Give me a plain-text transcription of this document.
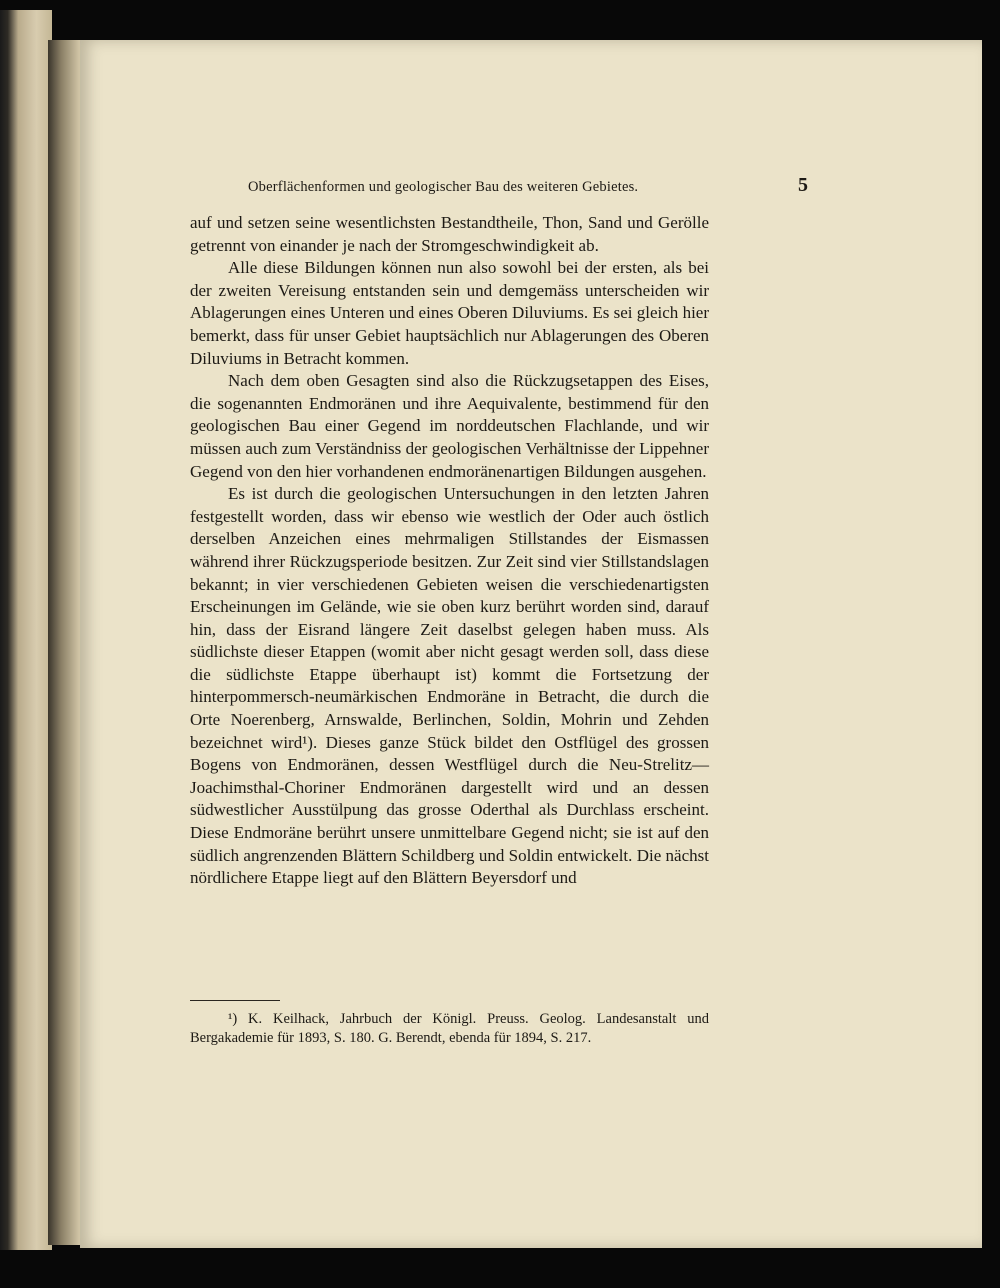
Oberflächenformen und geologischer Bau des weiteren Gebietes.	5

auf und setzen seine wesentlichsten Bestandtheile, Thon, Sand und Gerölle getrennt von einander je nach der Stromgeschwindigkeit ab.

Alle diese Bildungen können nun also sowohl bei der ersten, als bei der zweiten Vereisung entstanden sein und demgemäss unterscheiden wir Ablagerungen eines Unteren und eines Oberen Diluviums. Es sei gleich hier bemerkt, dass für unser Gebiet hauptsächlich nur Ablagerungen des Oberen Diluviums in Betracht kommen.

Nach dem oben Gesagten sind also die Rückzugsetappen des Eises, die sogenannten Endmoränen und ihre Aequivalente, bestimmend für den geologischen Bau einer Gegend im norddeutschen Flachlande, und wir müssen auch zum Verständniss der geologischen Verhältnisse der Lippehner Gegend von den hier vorhandenen endmoränenartigen Bildungen ausgehen.

Es ist durch die geologischen Untersuchungen in den letzten Jahren festgestellt worden, dass wir ebenso wie westlich der Oder auch östlich derselben Anzeichen eines mehrmaligen Stillstandes der Eismassen während ihrer Rückzugsperiode besitzen. Zur Zeit sind vier Stillstandslagen bekannt; in vier verschiedenen Gebieten weisen die verschiedenartigsten Erscheinungen im Gelände, wie sie oben kurz berührt worden sind, darauf hin, dass der Eisrand längere Zeit daselbst gelegen haben muss. Als südlichste dieser Etappen (womit aber nicht gesagt werden soll, dass diese die südlichste Etappe überhaupt ist) kommt die Fortsetzung der hinterpommersch-neumärkischen Endmoräne in Betracht, die durch die Orte Noerenberg, Arnswalde, Berlinchen, Soldin, Mohrin und Zehden bezeichnet wird¹). Dieses ganze Stück bildet den Ostflügel des grossen Bogens von Endmoränen, dessen Westflügel durch die Neu-Strelitz—Joachimsthal-Choriner Endmoränen dargestellt wird und an dessen südwestlicher Ausstülpung das grosse Oderthal als Durchlass erscheint. Diese Endmoräne berührt unsere unmittelbare Gegend nicht; sie ist auf den südlich angrenzenden Blättern Schildberg und Soldin entwickelt. Die nächst nördlichere Etappe liegt auf den Blättern Beyersdorf und

¹) K. Keilhack, Jahrbuch der Königl. Preuss. Geolog. Landesanstalt und Bergakademie für 1893, S. 180. G. Berendt, ebenda für 1894, S. 217.
